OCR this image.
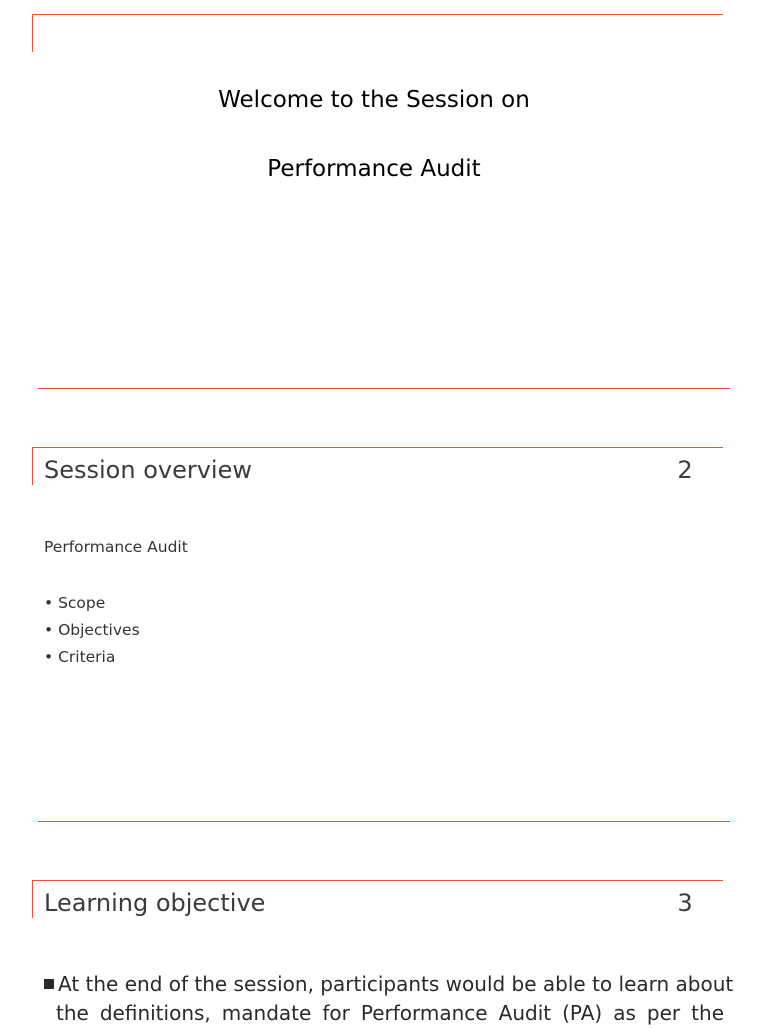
Welcome to the Session on
Performance Audit
Session overview	2
Performance Audit
• Scope
• Objectives
• Criteria
Learning objective	3
At the end of the session, participants would be able to learn about
the definitions, mandate for Performance Audit (PA) as per the
